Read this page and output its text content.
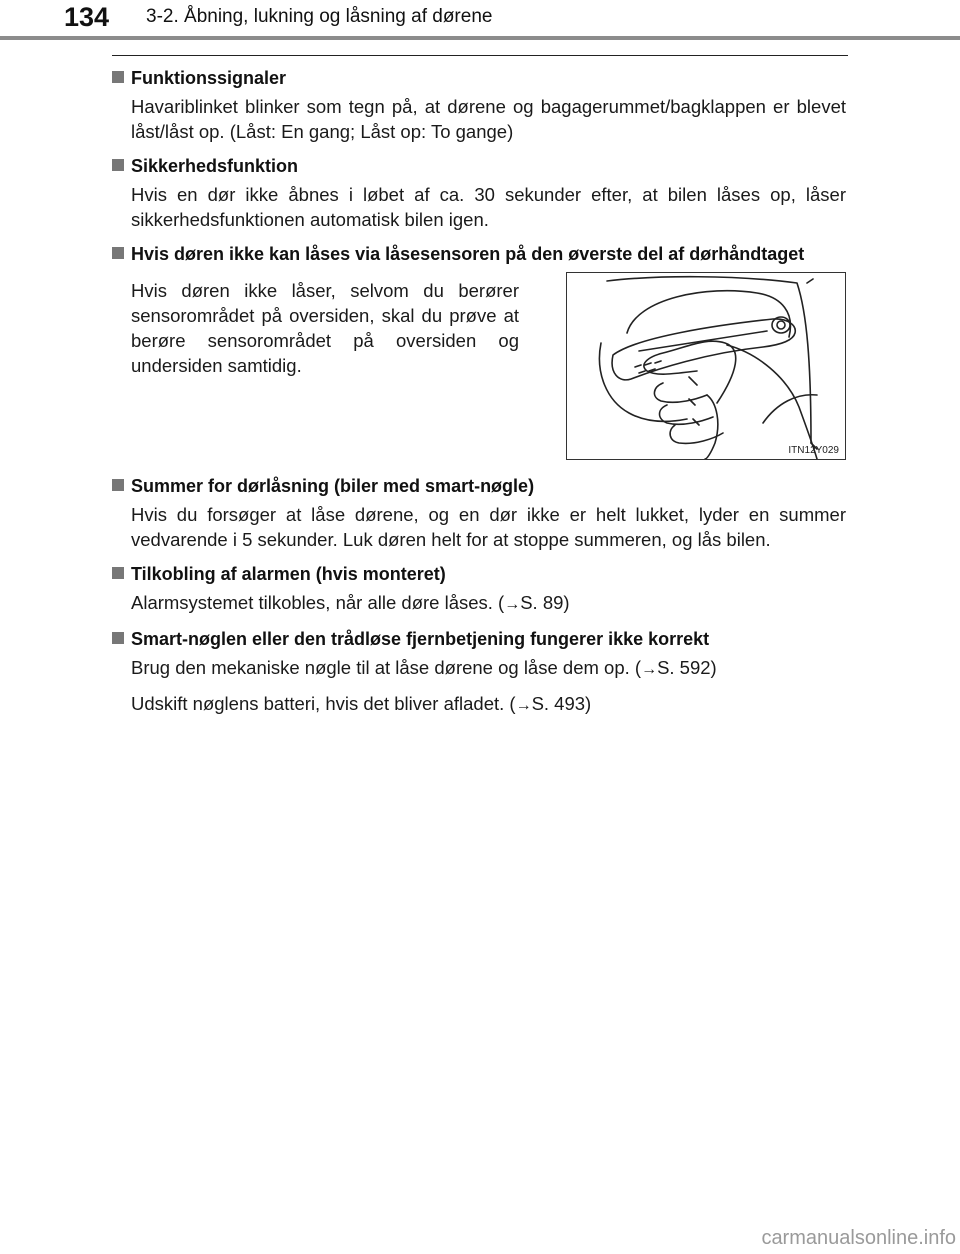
134 3-2. Åbning, lukning og låsning af dørene
Funktionssignaler
Havariblinket blinker som tegn på, at dørene og bagagerummet/bagklappen er blevet låst/låst op. (Låst: En gang; Låst op: To gange)
Sikkerhedsfunktion
Hvis en dør ikke åbnes i løbet af ca. 30 sekunder efter, at bilen låses op, låser sikkerhedsfunktionen automatisk bilen igen.
Hvis døren ikke kan låses via låsesensoren på den øverste del af dørhåndtaget
Hvis døren ikke låser, selvom du berører sensorområdet på oversiden, skal du prøve at berøre sensorområdet på oversiden og undersiden samtidig.
ITN12Y029
Summer for dørlåsning (biler med smart-nøgle)
Hvis du forsøger at låse dørene, og en dør ikke er helt lukket, lyder en summer vedvarende i 5 sekunder. Luk døren helt for at stoppe summeren, og lås bilen.
Tilkobling af alarmen (hvis monteret)
Alarmsystemet tilkobles, når alle døre låses. (→S. 89)
Smart-nøglen eller den trådløse fjernbetjening fungerer ikke korrekt
Brug den mekaniske nøgle til at låse dørene og låse dem op. (→S. 592)
Udskift nøglens batteri, hvis det bliver afladet. (→S. 493)
carmanualsonline.info
